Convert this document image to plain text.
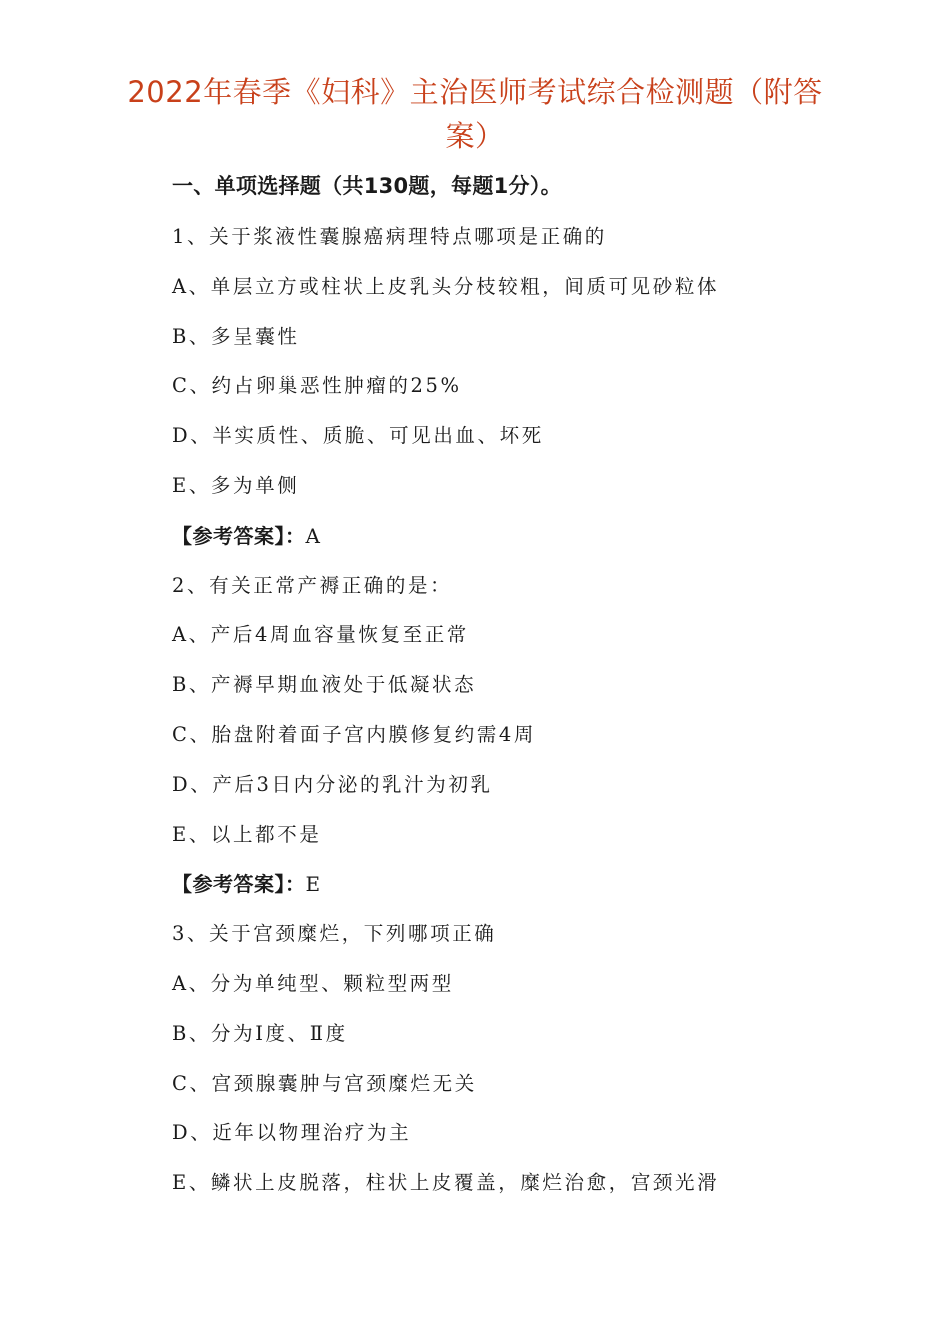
2022年春季《妇科》主治医师考试综合检测题（附答案）
一、单项选择题（共130题，每题1分）。
1、关于浆液性囊腺癌病理特点哪项是正确的
A、单层立方或柱状上皮乳头分枝较粗，间质可见砂粒体
B、多呈囊性
C、约占卵巢恶性肿瘤的25%
D、半实质性、质脆、可见出血、坏死
E、多为单侧
【参考答案】：A
2、有关正常产褥正确的是：
A、产后4周血容量恢复至正常
B、产褥早期血液处于低凝状态
C、胎盘附着面子宫内膜修复约需4周
D、产后3日内分泌的乳汁为初乳
E、以上都不是
【参考答案】：E
3、关于宫颈糜烂，下列哪项正确
A、分为单纯型、颗粒型两型
B、分为Ⅰ度、Ⅱ度
C、宫颈腺囊肿与宫颈糜烂无关
D、近年以物理治疗为主
E、鳞状上皮脱落，柱状上皮覆盖，糜烂治愈，宫颈光滑
